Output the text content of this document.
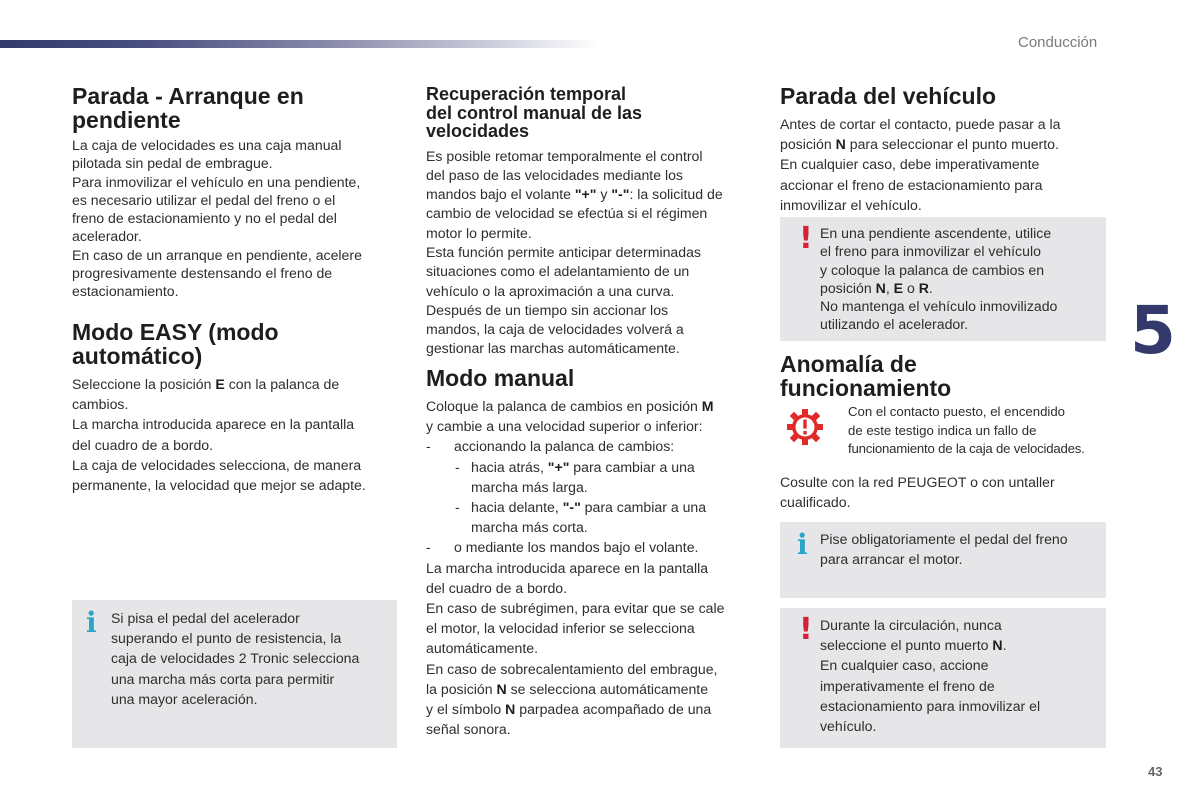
Conducción
5
43
Parada - Arranque en
pendiente

La caja de velocidades es una caja manual

pilotada sin pedal de embrague.

Para inmovilizar el vehículo en una pendiente,

es necesario utilizar el pedal del freno o el

freno de estacionamiento y no el pedal del

acelerador.

En caso de un arranque en pendiente, acelere

progresivamente destensando el freno de

estacionamiento.

Modo EASY (modo
automático)

Seleccione la posición E con la palanca de

cambios.

La marcha introducida aparece en la pantalla

del cuadro de a bordo.

La caja de velocidades selecciona, de manera

permanente, la velocidad que mejor se adapte.

i Si pisa el pedal del acelerador

superando el punto de resistencia, la

caja de velocidades 2 Tronic selecciona

una marcha más corta para permitir

una mayor aceleración.

Recuperación temporal
del control manual de las
velocidades

Es posible retomar temporalmente el control

del paso de las velocidades mediante los

mandos bajo el volante "+" y "-": la solicitud de

cambio de velocidad se efectúa si el régimen

motor lo permite.

Esta función permite anticipar determinadas

situaciones como el adelantamiento de un

vehículo o la aproximación a una curva.

Después de un tiempo sin accionar los

mandos, la caja de velocidades volverá a

gestionar las marchas automáticamente.

Modo manual

Coloque la palanca de cambios en posición M

y cambie a una velocidad superior o inferior:

- accionando la palanca de cambios:
- hacia atrás, "+" para cambiar a una
marcha más larga.
- hacia delante, "-" para cambiar a una
marcha más corta.
- o mediante los mandos bajo el volante.

La marcha introducida aparece en la pantalla

del cuadro de a bordo.

En caso de subrégimen, para evitar que se cale

el motor, la velocidad inferior se selecciona

automáticamente.

En caso de sobrecalentamiento del embrague,

la posición N se selecciona automáticamente

y el símbolo N parpadea acompañado de una

señal sonora.

Parada del vehículo

Antes de cortar el contacto, puede pasar a la

posición N para seleccionar el punto muerto.

En cualquier caso, debe imperativamente

accionar el freno de estacionamiento para

inmovilizar el vehículo.

! En una pendiente ascendente, utilice

el freno para inmovilizar el vehículo

y coloque la palanca de cambios en

posición N, E o R.

No mantenga el vehículo inmovilizado

utilizando el acelerador.

Anomalía de
funcionamiento

Con el contacto puesto, el encendido

de este testigo indica un fallo de

funcionamiento de la caja de velocidades.

Cosulte con la red PEUGEOT o con untaller

cualificado.

i Pise obligatoriamente el pedal del freno

para arrancar el motor.

! Durante la circulación, nunca

seleccione el punto muerto N.

En cualquier caso, accione

imperativamente el freno de

estacionamiento para inmovilizar el

vehículo.
